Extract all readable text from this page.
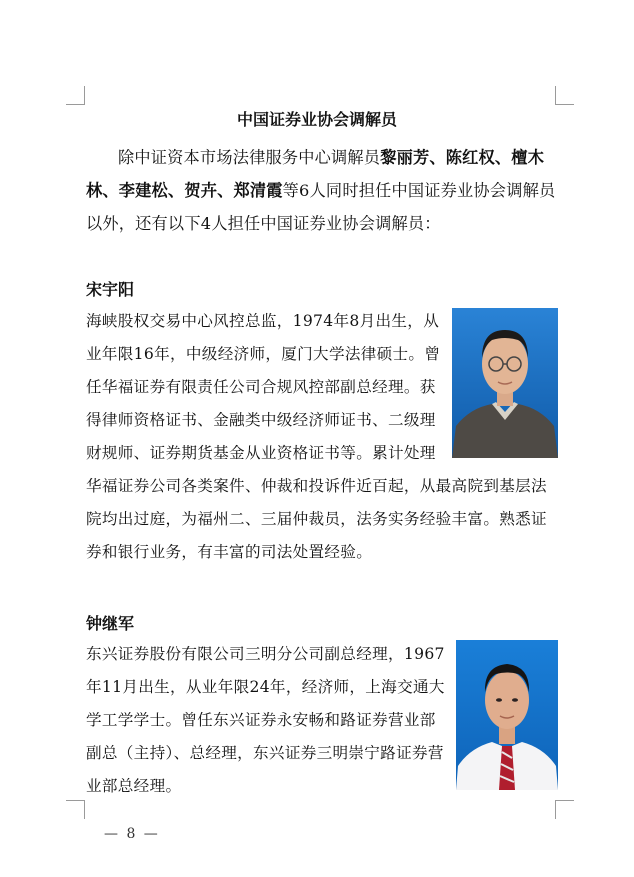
中国证券业协会调解员

除中证资本市场法律服务中心调解员黎丽芳、陈红权、檀木林、李建松、贺卉、郑清霞等6人同时担任中国证券业协会调解员以外，还有以下4人担任中国证券业协会调解员：

宋宇阳

海峡股权交易中心风控总监，1974年8月出生，从业年限16年，中级经济师，厦门大学法律硕士。曾任华福证券有限责任公司合规风控部副总经理。获得律师资格证书、金融类中级经济师证书、二级理财规师、证券期货基金从业资格证书等。累计处理华福证券公司各类案件、仲裁和投诉件近百起，从最高院到基层法院均出过庭，为福州二、三届仲裁员，法务实务经验丰富。熟悉证券和银行业务，有丰富的司法处置经验。

钟继军

东兴证券股份有限公司三明分公司副总经理，1967年11月出生，从业年限24年，经济师，上海交通大学工学学士。曾任东兴证券永安畅和路证券营业部副总（主持）、总经理，东兴证券三明崇宁路证券营业部总经理。

— 8 —
